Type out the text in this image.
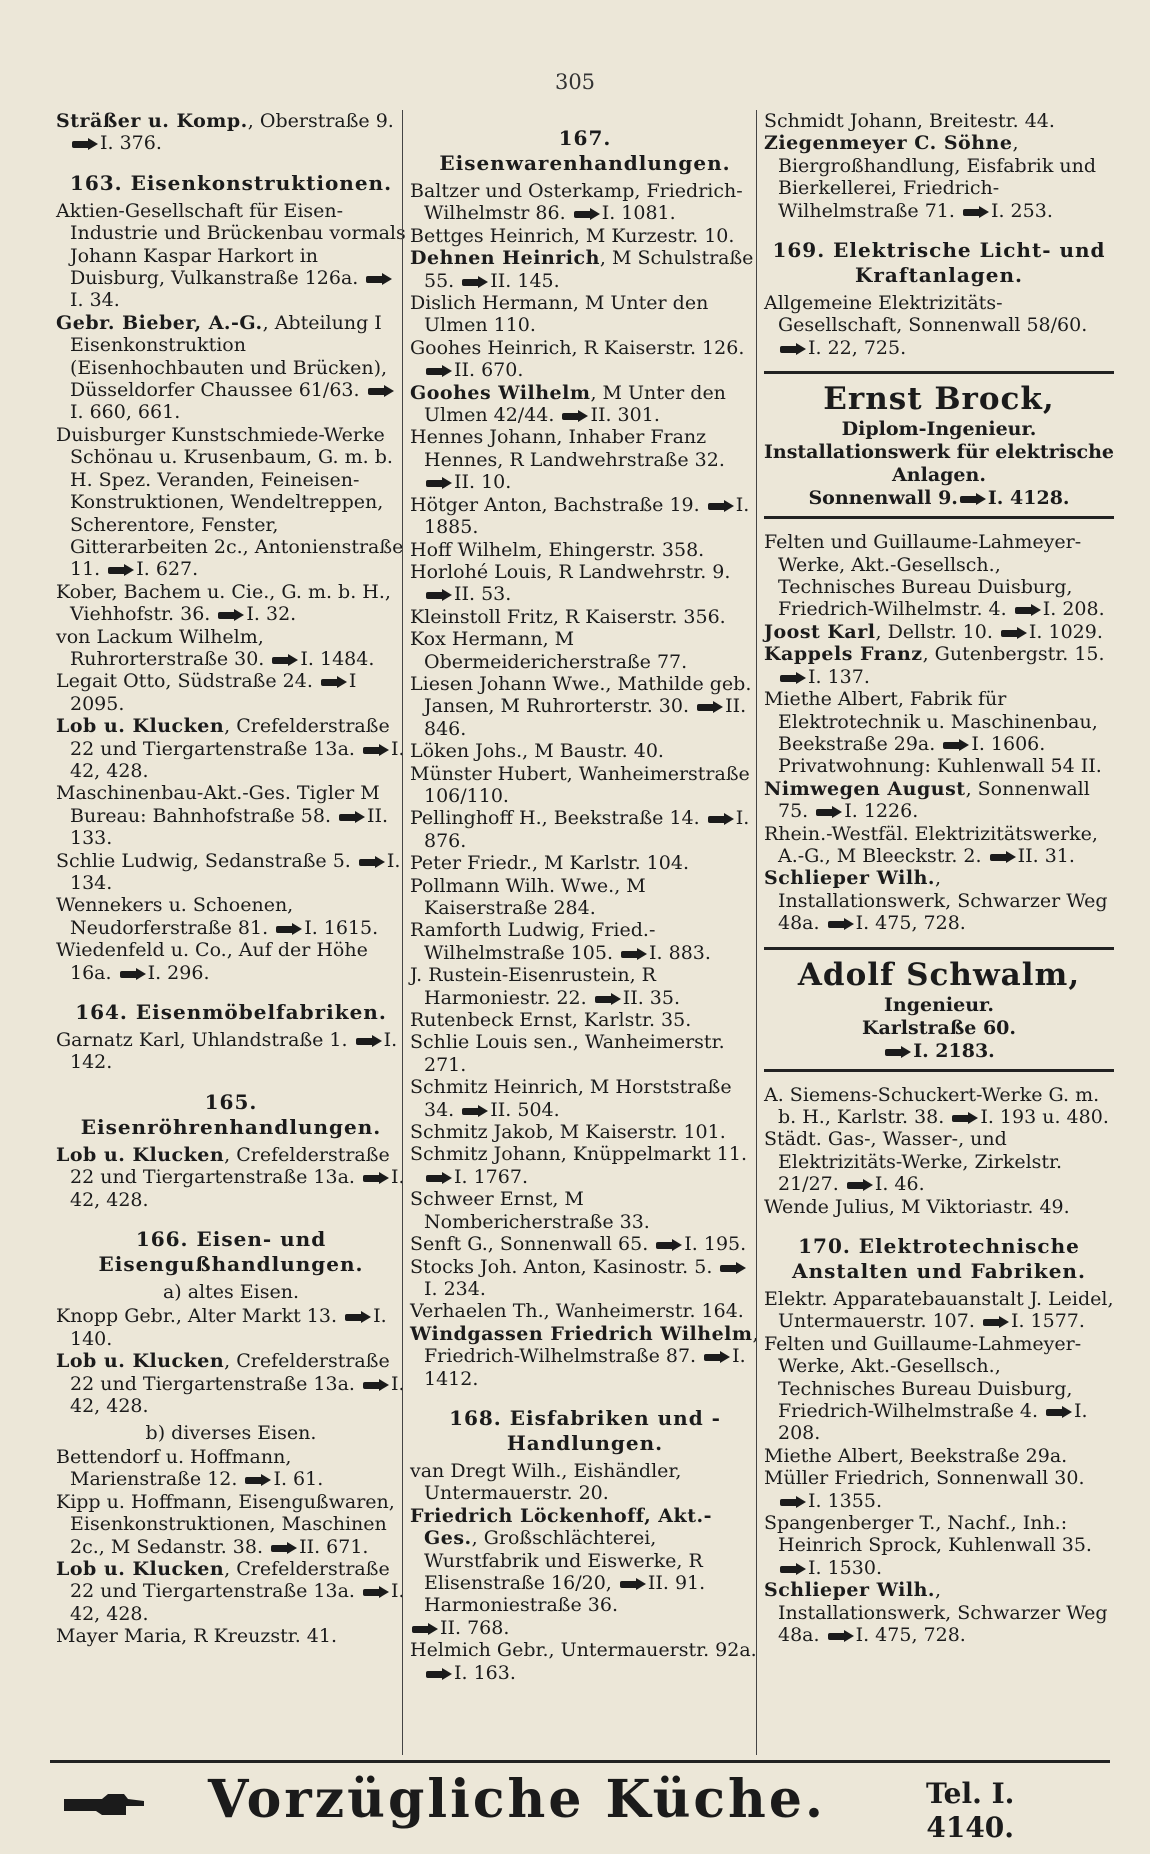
305

Sträßer u. Komp., Oberstraße 9. I. 376.

163. Eisenkonstruktionen.

Aktien-Gesellschaft für Eisen-Industrie und Brückenbau vormals Johann Kaspar Harkort in Duisburg, Vulkanstraße 126a. I. 34.

Gebr. Bieber, A.-G., Abteilung I Eisenkonstruktion (Eisenhochbauten und Brücken), Düsseldorfer Chaussee 61/63. I. 660, 661.

Duisburger Kunstschmiede-Werke Schönau u. Krusenbaum, G. m. b. H. Spez. Veranden, Feineisen-Konstruktionen, Wendeltreppen, Scherentore, Fenster, Gitterarbeiten 2c., Antonienstraße 11. I. 627.

Kober, Bachem u. Cie., G. m. b. H., Viehhofstr. 36. I. 32.

von Lackum Wilhelm, Ruhrorterstraße 30. I. 1484.

Legait Otto, Südstraße 24. I 2095.

Lob u. Klucken, Crefelderstraße 22 und Tiergartenstraße 13a. I. 42, 428.

Maschinenbau-Akt.-Ges. Tigler M Bureau: Bahnhofstraße 58. II. 133.

Schlie Ludwig, Sedanstraße 5. I. 134.

Wennekers u. Schoenen, Neudorferstraße 81. I. 1615.

Wiedenfeld u. Co., Auf der Höhe 16a. I. 296.

164. Eisenmöbelfabriken.

Garnatz Karl, Uhlandstraße 1. I. 142.

165. Eisenröhrenhandlungen.

Lob u. Klucken, Crefelderstraße 22 und Tiergartenstraße 13a. I. 42, 428.

166. Eisen- und Eisengußhandlungen.
a) altes Eisen.

Knopp Gebr., Alter Markt 13. I. 140.

Lob u. Klucken, Crefelderstraße 22 und Tiergartenstraße 13a. I. 42, 428.

b) diverses Eisen.

Bettendorf u. Hoffmann, Marienstraße 12. I. 61.

Kipp u. Hoffmann, Eisengußwaren, Eisenkonstruktionen, Maschinen 2c., M Sedanstr. 38. II. 671.

Lob u. Klucken, Crefelderstraße 22 und Tiergartenstraße 13a. I. 42, 428.

Mayer Maria, R Kreuzstr. 41.

167. Eisenwarenhandlungen.

Baltzer und Osterkamp, Friedrich-Wilhelmstr 86. I. 1081.

Bettges Heinrich, M Kurzestr. 10.

Dehnen Heinrich, M Schulstraße 55. II. 145.

Dislich Hermann, M Unter den Ulmen 110.

Goohes Heinrich, R Kaiserstr. 126. II. 670.

Goohes Wilhelm, M Unter den Ulmen 42/44. II. 301.

Hennes Johann, Inhaber Franz Hennes, R Landwehrstraße 32. II. 10.

Hötger Anton, Bachstraße 19. I. 1885.

Hoff Wilhelm, Ehingerstr. 358.

Horlohé Louis, R Landwehrstr. 9. II. 53.

Kleinstoll Fritz, R Kaiserstr. 356.

Kox Hermann, M Obermeidericherstraße 77.

Liesen Johann Wwe., Mathilde geb. Jansen, M Ruhrorterstr. 30. II. 846.

Löken Johs., M Baustr. 40.

Münster Hubert, Wanheimerstraße 106/110.

Pellinghoff H., Beekstraße 14. I. 876.

Peter Friedr., M Karlstr. 104.

Pollmann Wilh. Wwe., M Kaiserstraße 284.

Ramforth Ludwig, Fried.-Wilhelmstraße 105. I. 883.

J. Rustein-Eisenrustein, R Harmoniestr. 22. II. 35.

Rutenbeck Ernst, Karlstr. 35.

Schlie Louis sen., Wanheimerstr. 271.

Schmitz Heinrich, M Horststraße 34. II. 504.

Schmitz Jakob, M Kaiserstr. 101.

Schmitz Johann, Knüppelmarkt 11. I. 1767.

Schweer Ernst, M Nombericherstraße 33.

Senft G., Sonnenwall 65. I. 195.

Stocks Joh. Anton, Kasinostr. 5. I. 234.

Verhaelen Th., Wanheimerstr. 164.

Windgassen Friedrich Wilhelm, Friedrich-Wilhelmstraße 87. I. 1412.

168. Eisfabriken und -Handlungen.

van Dregt Wilh., Eishändler, Untermauerstr. 20.

Friedrich Löckenhoff, Akt.-Ges., Großschlächterei, Wurstfabrik und Eiswerke, R Elisenstraße 16/20, II. 91. Harmoniestraße 36.

II. 768.

Helmich Gebr., Untermauerstr. 92a. I. 163.

Schmidt Johann, Breitestr. 44.

Ziegenmeyer C. Söhne, Biergroßhandlung, Eisfabrik und Bierkellerei, Friedrich-Wilhelmstraße 71. I. 253.

169. Elektrische Licht- und Kraftanlagen.

Allgemeine Elektrizitäts-Gesellschaft, Sonnenwall 58/60. I. 22, 725.

Ernst Brock,
Diplom-Ingenieur.
Installationswerk für elektrische Anlagen.
Sonnenwall 9. I. 4128.

Felten und Guillaume-Lahmeyer-Werke, Akt.-Gesellsch., Technisches Bureau Duisburg, Friedrich-Wilhelmstr. 4. I. 208.

Joost Karl, Dellstr. 10. I. 1029.

Kappels Franz, Gutenbergstr. 15. I. 137.

Miethe Albert, Fabrik für Elektrotechnik u. Maschinenbau, Beekstraße 29a. I. 1606. Privatwohnung: Kuhlenwall 54 II.

Nimwegen August, Sonnenwall 75. I. 1226.

Rhein.-Westfäl. Elektrizitätswerke, A.-G., M Bleeckstr. 2. II. 31.

Schlieper Wilh., Installationswerk, Schwarzer Weg 48a. I. 475, 728.

Adolf Schwalm,
Ingenieur.
Karlstraße 60.
I. 2183.

A. Siemens-Schuckert-Werke G. m. b. H., Karlstr. 38. I. 193 u. 480.

Städt. Gas-, Wasser-, und Elektrizitäts-Werke, Zirkelstr. 21/27. I. 46.

Wende Julius, M Viktoriastr. 49.

170. Elektrotechnische Anstalten und Fabriken.

Elektr. Apparatebauanstalt J. Leidel, Untermauerstr. 107. I. 1577.

Felten und Guillaume-Lahmeyer-Werke, Akt.-Gesellsch., Technisches Bureau Duisburg, Friedrich-Wilhelmstraße 4. I. 208.

Miethe Albert, Beekstraße 29a.

Müller Friedrich, Sonnenwall 30. I. 1355.

Spangenberger T., Nachf., Inh.: Heinrich Sprock, Kuhlenwall 35. I. 1530.

Schlieper Wilh., Installationswerk, Schwarzer Weg 48a. I. 475, 728.

Vorzügliche Küche.	Tel. I.
4140.
